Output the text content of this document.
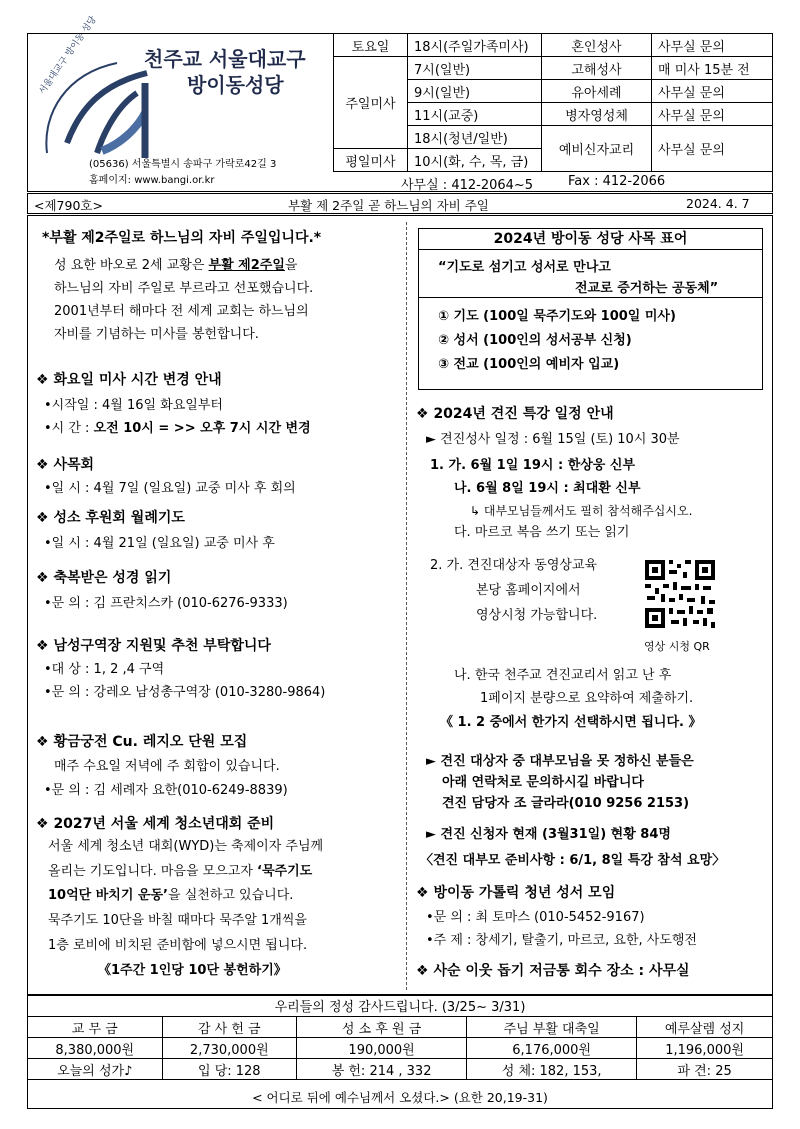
천주교 서울대교구
방이동성당
서울대교구 방이동 성당
(05636) 서울특별시 송파구 가락로42길 3
홈페이지: www.bangi.or.kr
토요일	18시(주일가족미사)	혼인성사	사무실 문의
주일미사	7시(일반)	고해성사	매 미사 15분 전
	9시(일반)	유아세례	사무실 문의
	11시(교중)	병자영성체	사무실 문의
	18시(청년/일반)	예비신자교리	사무실 문의
평일미사	10시(화, 수, 목, 금)		
사무실 : 412-2064~5	Fax : 412-2066
<제790호>	부활 제 2주일 곧 하느님의 자비 주일	2024. 4. 7
*부활 제2주일로 하느님의 자비 주일입니다.*
성 요한 바오로 2세 교황은 부활 제2주일을
하느님의 자비 주일로 부르라고 선포했습니다.
2001년부터 해마다 전 세계 교회는 하느님의
자비를 기념하는 미사를 봉헌합니다.
❖ 화요일 미사 시간 변경 안내
•시작일 : 4월 16일 화요일부터
•시 간 : 오전 10시 = >> 오후 7시 시간 변경
❖ 사목회
•일 시 : 4월 7일 (일요일) 교중 미사 후 회의
❖ 성소 후원회 월례기도
•일 시 : 4월 21일 (일요일) 교중 미사 후
❖ 축복받은 성경 읽기
•문 의 : 김 프란치스카 (010-6276-9333)
❖ 남성구역장 지원및 추천 부탁합니다
•대 상 : 1, 2 ,4 구역
•문 의 : 강레오 남성총구역장 (010-3280-9864)
❖ 황금궁전 Cu. 레지오 단원 모집
매주 수요일 저녁에 주 회합이 있습니다.
•문 의 : 김 세례자 요한(010-6249-8839)
❖ 2027년 서울 세계 청소년대회 준비
서울 세계 청소년 대회(WYD)는 축제이자 주님께
올리는 기도입니다. 마음을 모으고자 ‘묵주기도
10억단 바치기 운동’을 실천하고 있습니다.
묵주기도 10단을 바칠 때마다 묵주알 1개씩을
1층 로비에 비치된 준비함에 넣으시면 됩니다.
《1주간 1인당 10단 봉헌하기》
2024년 방이동 성당 사목 표어
“기도로 섬기고 성서로 만나고
전교로 증거하는 공동체”
① 기도 (100일 묵주기도와 100일 미사)
② 성서 (100인의 성서공부 신청)
③ 전교 (100인의 예비자 입교)
❖ 2024년 견진 특강 일정 안내
► 견진성사 일정 : 6월 15일 (토) 10시 30분
1. 가. 6월 1일 19시 : 한상웅 신부
나. 6월 8일 19시 : 최대환 신부
↳ 대부모님들께서도 필히 참석해주십시오.
다. 마르코 복음 쓰기 또는 읽기
2. 가. 견진대상자 동영상교육
본당 홈페이지에서
영상시청 가능합니다.
영상 시청 QR
나. 한국 천주교 견진교리서 읽고 난 후
1페이지 분량으로 요약하여 제출하기.
《 1. 2 중에서 한가지 선택하시면 됩니다. 》
► 견진 대상자 중 대부모님을 못 정하신 분들은
아래 연락처로 문의하시길 바랍니다
견진 담당자 조 글라라(010 9256 2153)
► 견진 신청자 현재 (3월31일) 현황 84명
〈견진 대부모 준비사항 : 6/1, 8일 특강 참석 요망〉
❖ 방이동 가톨릭 청년 성서 모임
•문 의 : 최 토마스 (010-5452-9167)
•주 제 : 창세기, 탈출기, 마르코, 요한, 사도행전
❖ 사순 이웃 돕기 저금통 회수 장소 : 사무실
우리들의 정성 감사드립니다. (3/25~ 3/31)
교 무 금	감 사 헌 금	성 소 후 원 금	주님 부활 대축일	예루살렘 성지
8,380,000원	2,730,000원	190,000원	6,176,000원	1,196,000원
오늘의 성가♪	입 당: 128	봉 헌: 214 , 332	성 체: 182, 153,	파 견: 25
< 어디로 뒤에 예수님께서 오셨다.> (요한 20,19-31)
